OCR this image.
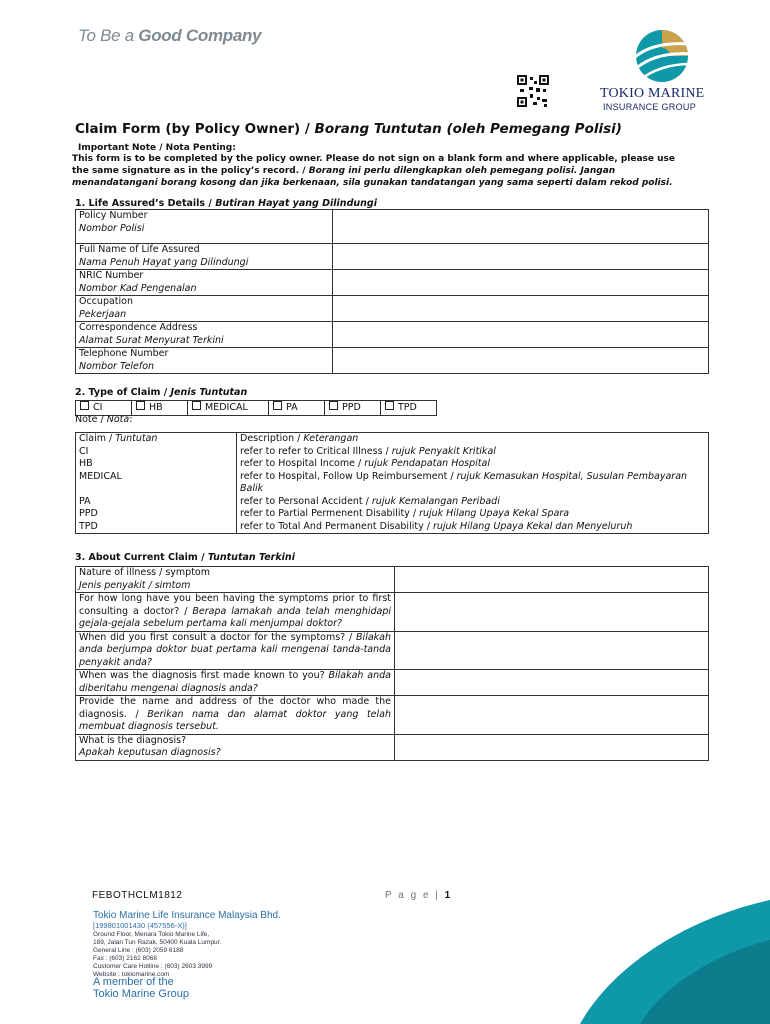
To Be a Good Company
TOKIO MARINE
INSURANCE GROUP
Claim Form (by Policy Owner) / Borang Tuntutan (oleh Pemegang Polisi)
Important Note / Nota Penting:
This form is to be completed by the policy owner. Please do not sign on a blank form and where applicable, please use the same signature as in the policy’s record. / Borang ini perlu dilengkapkan oleh pemegang polisi. Jangan menandatangani borang kosong dan jika berkenaan, sila gunakan tandatangan yang sama seperti dalam rekod polisi.
1. Life Assured’s Details / Butiran Hayat yang Dilindungi
Policy Number
Nombor Polisi	

Full Name of Life Assured
Nama Penuh Hayat yang Dilindungi	

NRIC Number
Nombor Kad Pengenalan	

Occupation
Pekerjaan	

Correspondence Address
Alamat Surat Menyurat Terkini	

Telephone Number
Nombor Telefon	

2. Type of Claim / Jenis Tuntutan
CI	HB	MEDICAL	PA	PPD	TPD
Note / Nota:
Claim / Tuntutan	Description / Keterangan
CI	refer to refer to Critical Illness / rujuk Penyakit Kritikal
HB	refer to Hospital Income / rujuk Pendapatan Hospital
MEDICAL	refer to Hospital, Follow Up Reimbursement / rujuk Kemasukan Hospital, Susulan Pembayaran Balik
PA	refer to Personal Accident / rujuk Kemalangan Peribadi
PPD	refer to Partial Permenent Disability / rujuk Hilang Upaya Kekal Spara
TPD	refer to Total And Permanent Disability / rujuk Hilang Upaya Kekal dan Menyeluruh
3. About Current Claim / Tuntutan Terkini
Nature of illness / symptom
Jenis penyakit / simtom	

For how long have you been having the symptoms prior to first consulting a doctor? / Berapa lamakah anda telah menghidapi gejala-gejala sebelum pertama kali menjumpai doktor?	
When did you first consult a doctor for the symptoms? / Bilakah anda berjumpa doktor buat pertama kali mengenai tanda-tanda penyakit anda?	
When was the diagnosis first made known to you? Bilakah anda diberitahu mengenai diagnosis anda?	
Provide the name and address of the doctor who made the diagnosis. / Berikan nama dan alamat doktor yang telah membuat diagnosis tersebut.	

What is the diagnosis?
Apakah keputusan diagnosis?	

FEBOTHCLM1812	P a g e | 1
Tokio Marine Life Insurance Malaysia Bhd.
[199801001430 (457556-X)]
Ground Floor, Menara Tokio Marine Life,
189, Jalan Tun Razak, 50400 Kuala Lumpur.
General Line : (603) 2059 6188
Fax : (603) 2162 8068
Customer Care Hotline : (603) 2603 3999
Website : tokiomarine.com
A member of the
Tokio Marine Group
